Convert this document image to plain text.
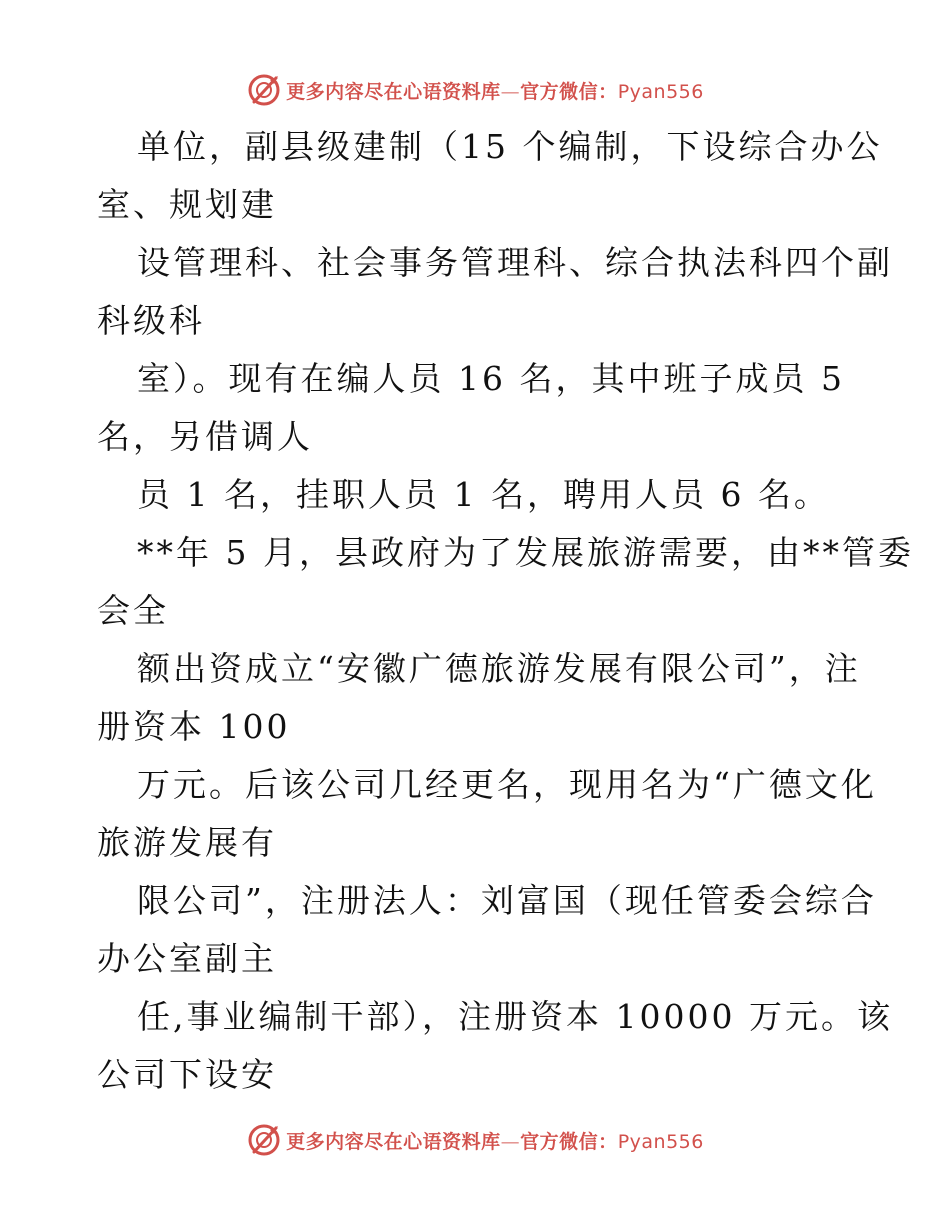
更多内容尽在心语资料库—官方微信：Pyan556
单位，副县级建制（15 个编制，下设综合办公
室、规划建
设管理科、社会事务管理科、综合执法科四个副
科级科
室）。现有在编人员 16 名，其中班子成员 5
名，另借调人
员 1 名，挂职人员 1 名，聘用人员 6 名。
**年 5 月，县政府为了发展旅游需要，由**管委
会全
额出资成立“安徽广德旅游发展有限公司”，注
册资本 100
万元。后该公司几经更名，现用名为“广德文化
旅游发展有
限公司”，注册法人：刘富国（现任管委会综合
办公室副主
任,事业编制干部），注册资本 10000 万元。该
公司下设安
更多内容尽在心语资料库—官方微信：Pyan556
